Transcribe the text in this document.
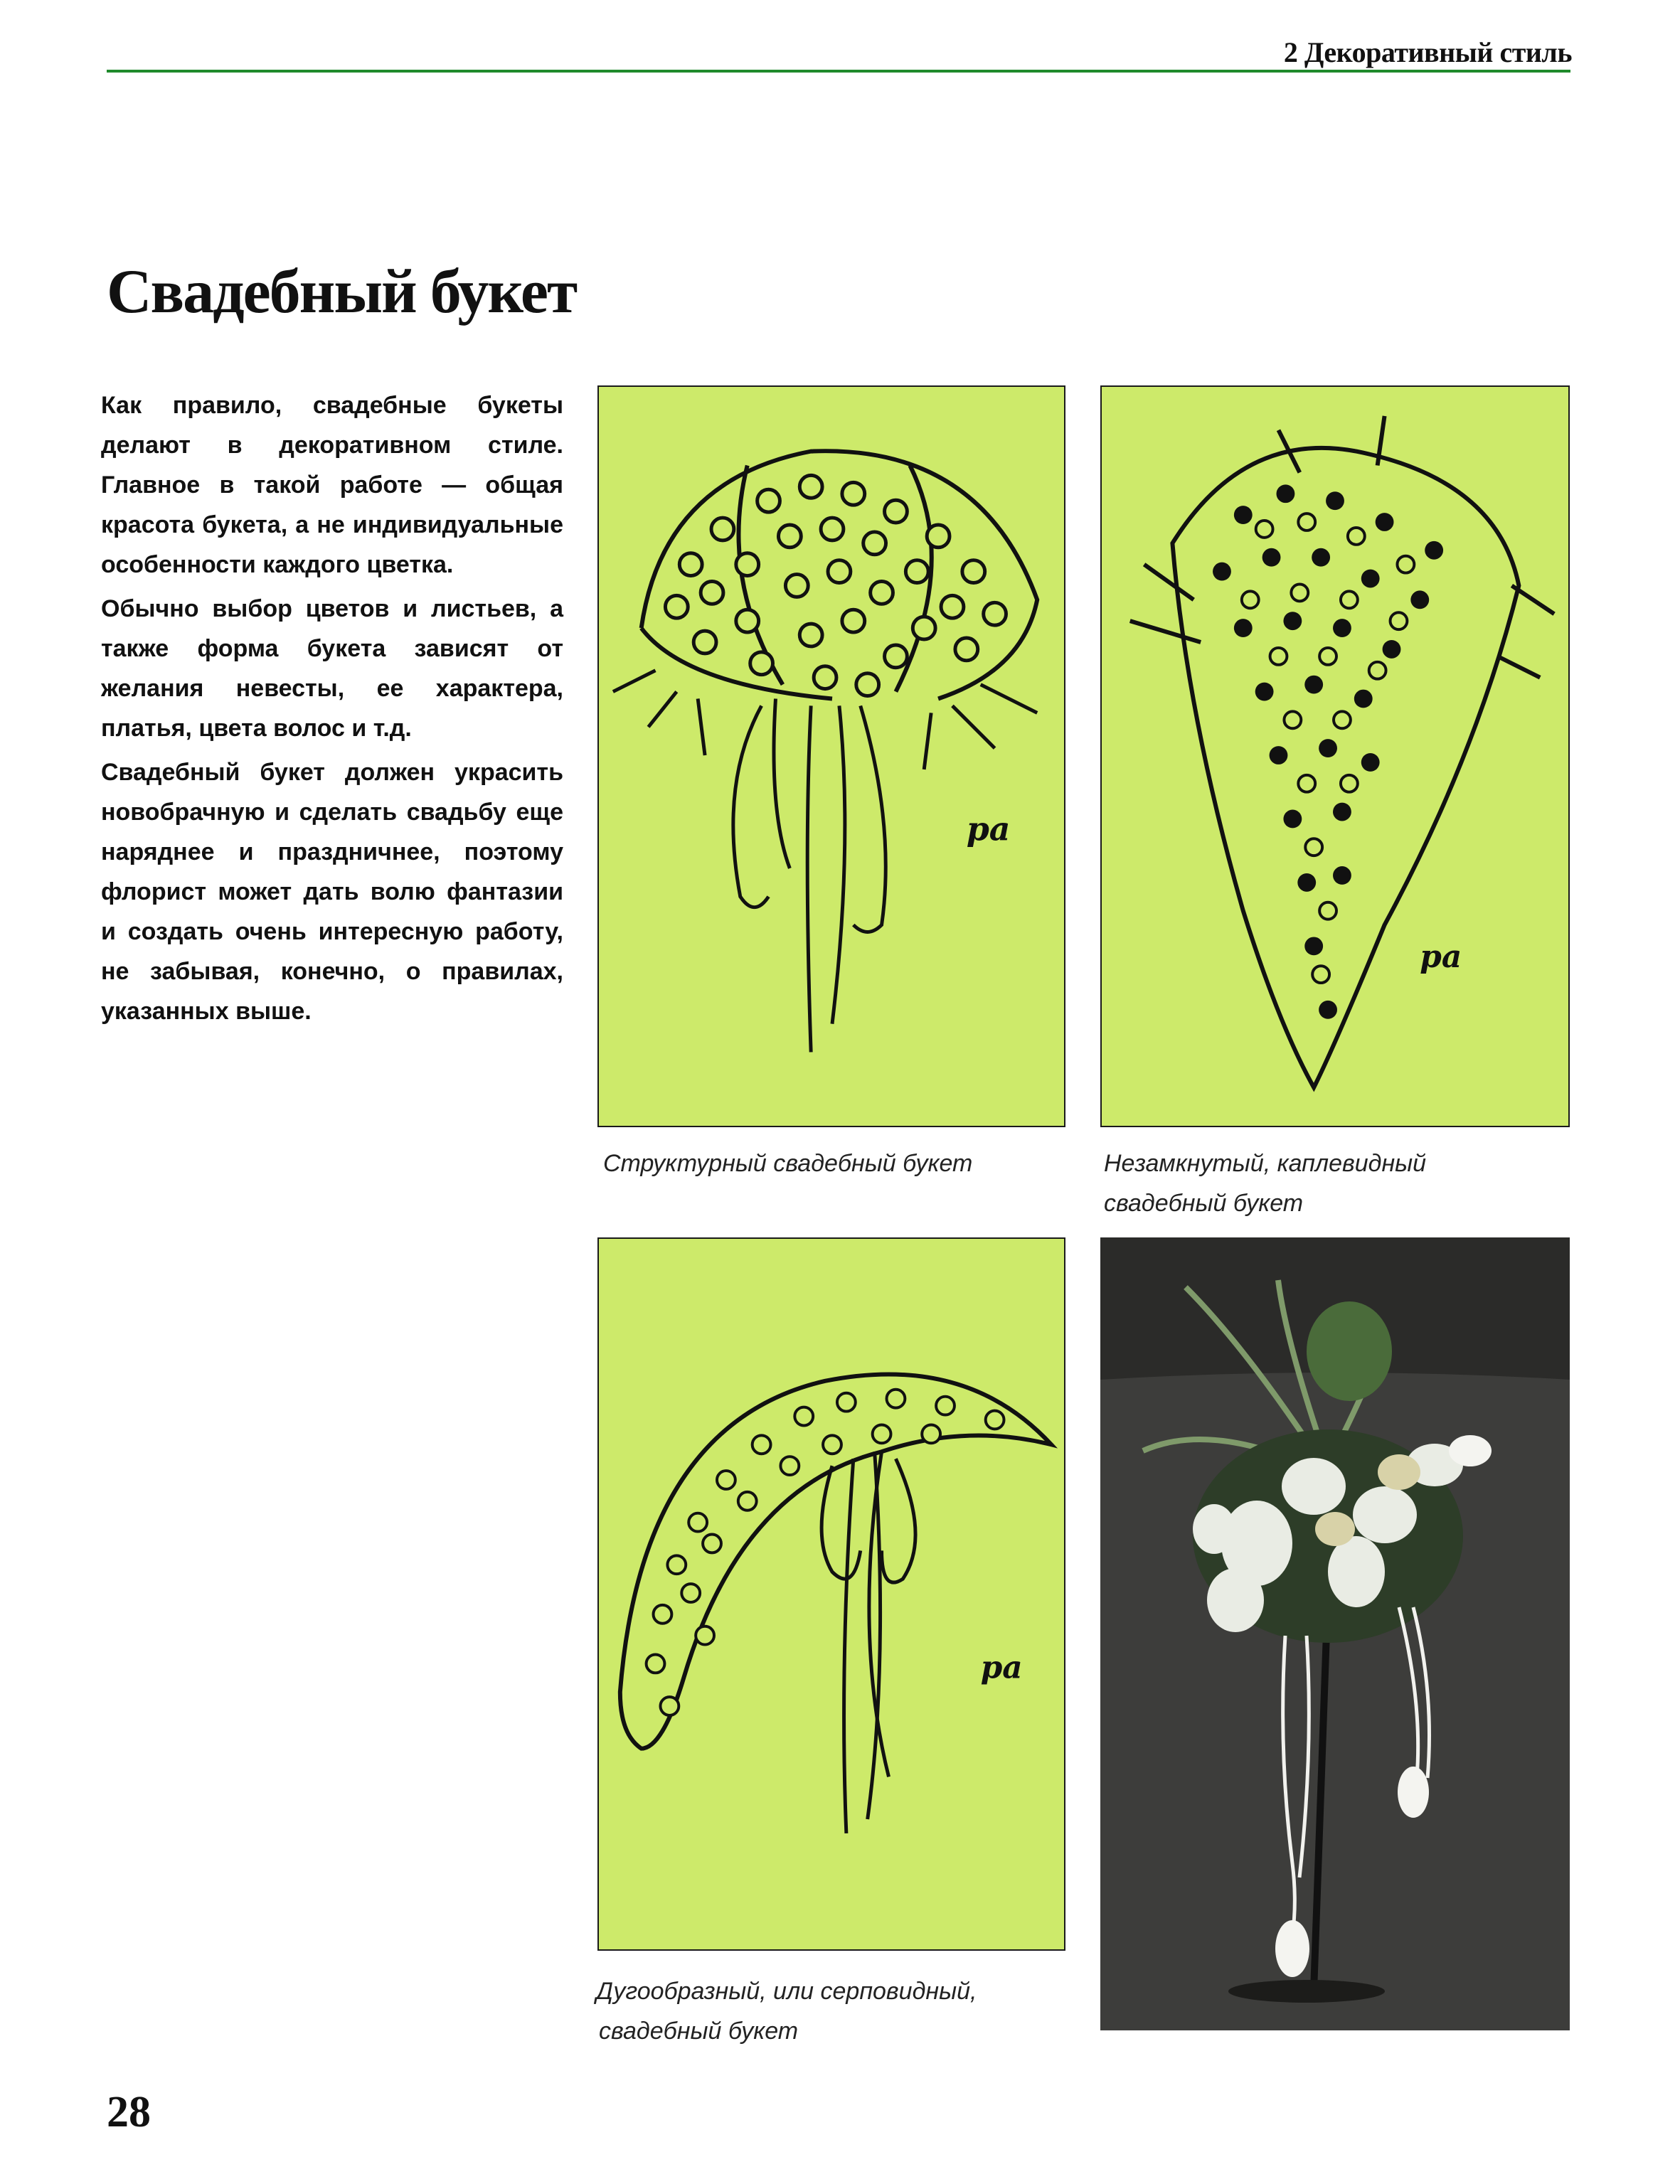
2 Декоративный стиль
Свадебный букет

Как правило, свадебные букеты делают в декоративном стиле. Главное в такой работе — общая красота букета, а не индивидуальные особенности каждого цветка.

Обычно выбор цветов и листьев, а также форма букета зависят от желания невесты, ее характера, платья, цвета волос и т.д.

Свадебный букет должен украсить новобрачную и сделать свадьбу еще наряднее и праздничнее, поэтому флорист может дать волю фантазии и создать очень интересную работу, не забывая, конечно, о правилах, указанных выше.

pa
Структурный свадебный букет
pa
Незамкнутый, каплевидный
свадебный букет
pa
Дугообразный, или серповидный,
свадебный букет
28
